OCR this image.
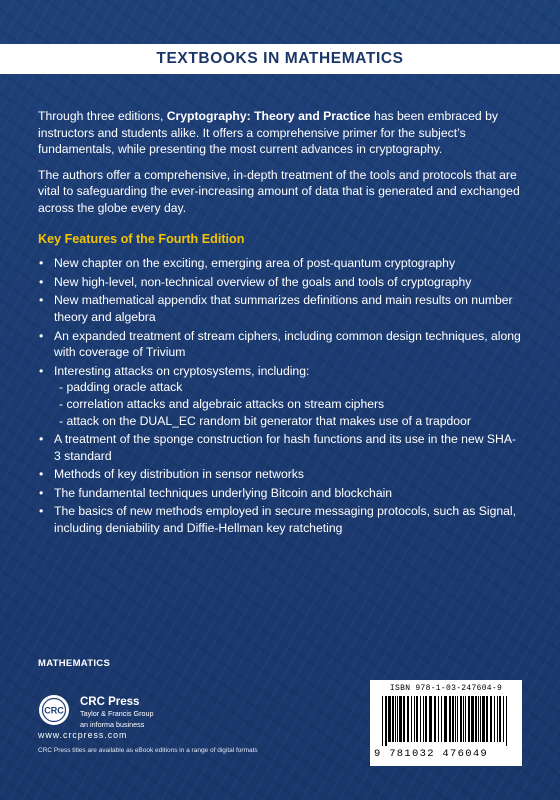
TEXTBOOKS IN MATHEMATICS

Through three editions, Cryptography: Theory and Practice has been embraced by instructors and students alike. It offers a comprehensive primer for the subject’s fundamentals, while presenting the most current advances in cryptography.

The authors offer a comprehensive, in-depth treatment of the tools and protocols that are vital to safeguarding the ever-increasing amount of data that is generated and exchanged across the globe every day.

Key Features of the Fourth Edition
• New chapter on the exciting, emerging area of post-quantum cryptography
• New high-level, non-technical overview of the goals and tools of cryptography
• New mathematical appendix that summarizes definitions and main results on number theory and algebra
• An expanded treatment of stream ciphers, including common design techniques, along with coverage of Trivium
• Interesting attacks on cryptosystems, including:
- padding oracle attack
- correlation attacks and algebraic attacks on stream ciphers
- attack on the DUAL_EC random bit generator that makes use of a trapdoor
• A treatment of the sponge construction for hash functions and its use in the new SHA-3 standard
• Methods of key distribution in sensor networks
• The fundamental techniques underlying Bitcoin and blockchain
• The basics of new methods employed in secure messaging protocols, such as Signal, including deniability and Diffie-Hellman key ratcheting
MATHEMATICS
CRC
CRC Press
Taylor & Francis Group
an informa business
www.crcpress.com
CRC Press titles are available as eBook editions in a range of digital formats
ISBN 978-1-03-247604-9
9 781032 476049
